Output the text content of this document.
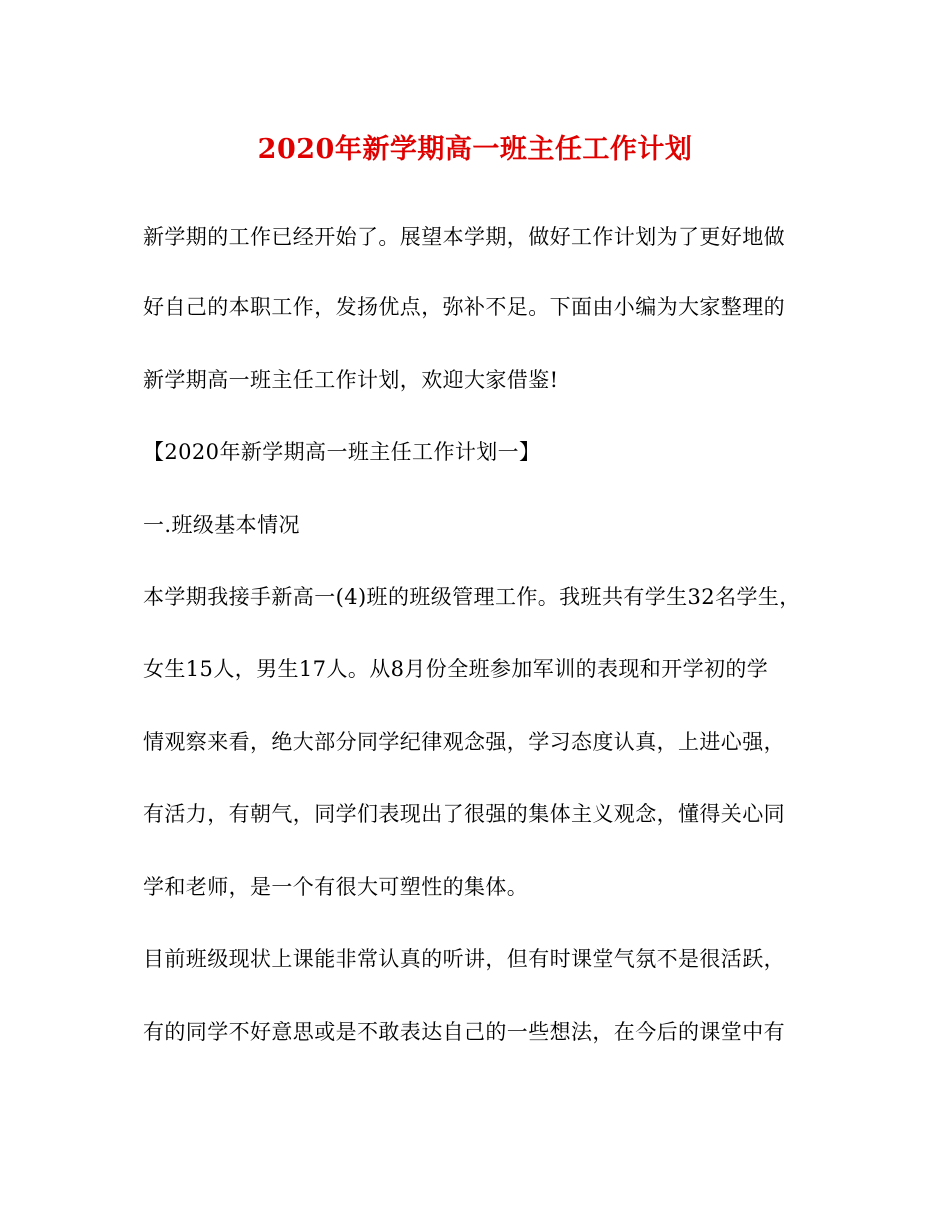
2020年新学期高一班主任工作计划
新学期的工作已经开始了。展望本学期，做好工作计划为了更好地做
好自己的本职工作，发扬优点，弥补不足。下面由小编为大家整理的
新学期高一班主任工作计划，欢迎大家借鉴!
【2020年新学期高一班主任工作计划一】
一.班级基本情况
本学期我接手新高一(4)班的班级管理工作。我班共有学生32名学生，
女生15人，男生17人。从8月份全班参加军训的表现和开学初的学
情观察来看，绝大部分同学纪律观念强，学习态度认真，上进心强，
有活力，有朝气，同学们表现出了很强的集体主义观念，懂得关心同
学和老师，是一个有很大可塑性的集体。
目前班级现状上课能非常认真的听讲，但有时课堂气氛不是很活跃，
有的同学不好意思或是不敢表达自己的一些想法，在今后的课堂中有
